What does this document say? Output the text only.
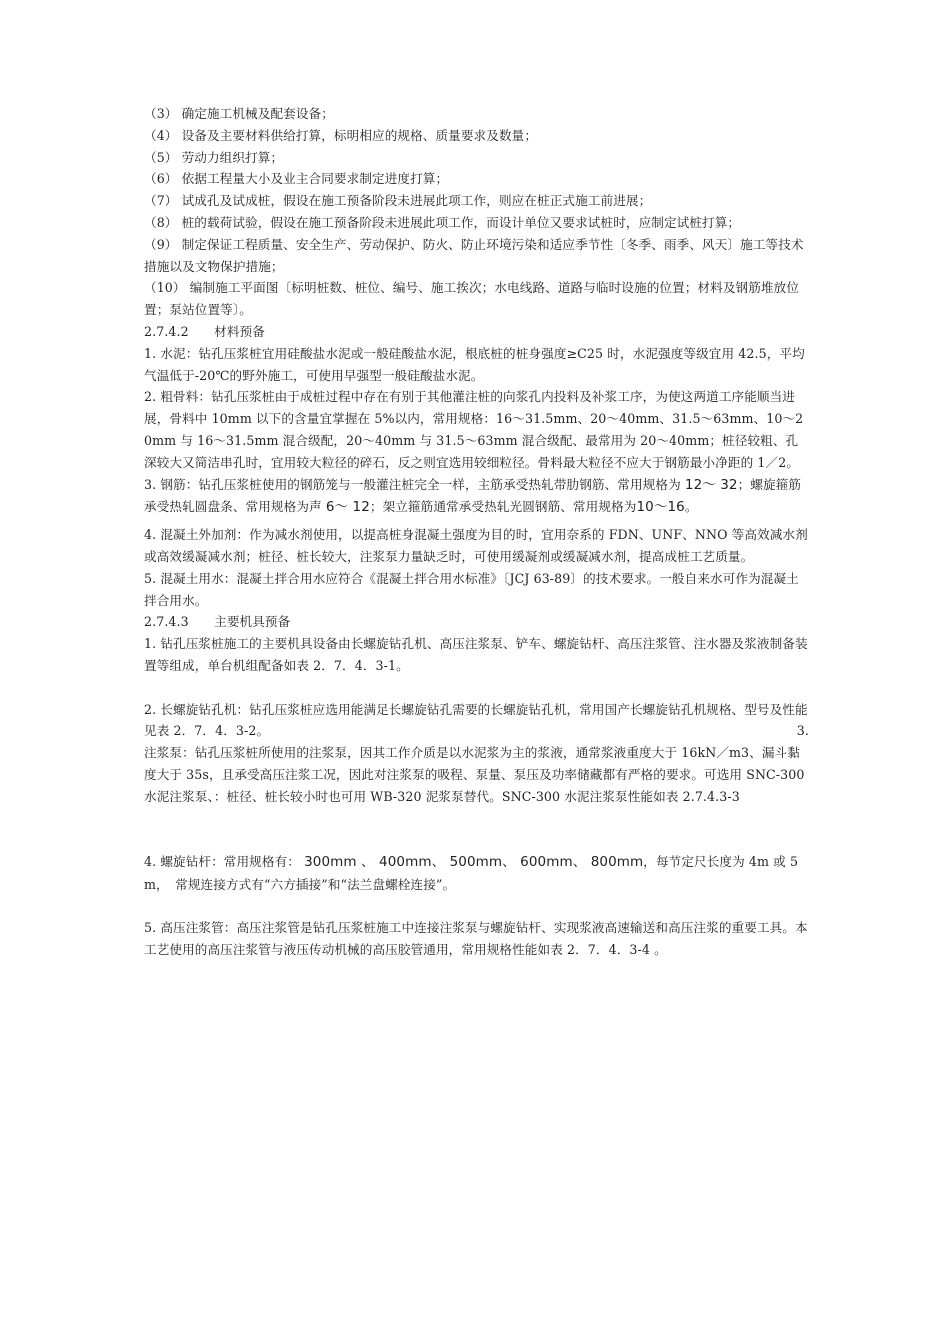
（3） 确定施工机械及配套设备；

（4） 设备及主要材料供给打算，标明相应的规格、质量要求及数量；

（5） 劳动力组织打算；

（6） 依据工程量大小及业主合同要求制定进度打算；

（7） 试成孔及试成桩，假设在施工预备阶段未进展此项工作，则应在桩正式施工前进展；

（8） 桩的载荷试验，假设在施工预备阶段未进展此项工作，而设计单位又要求试桩时，应制定试桩打算；

（9） 制定保证工程质量、安全生产、劳动保护、防火、防止环境污染和适应季节性〔冬季、雨季、风天〕施工等技术措施以及文物保护措施；

（10） 编制施工平面图〔标明桩数、桩位、编号、施工挨次；水电线路、道路与临时设施的位置；材料及钢筋堆放位置；泵站位置等〕。

2.7.4.2　　材料预备

1. 水泥：钻孔压浆桩宜用硅酸盐水泥或一般硅酸盐水泥，根底桩的桩身强度≥C25 时，水泥强度等级宜用 42.5，平均气温低于-20℃的野外施工，可使用早强型一般硅酸盐水泥。

2. 粗骨料：钻孔压浆桩由于成桩过程中存在有别于其他灌注桩的向浆孔内投料及补浆工序，为使这两道工序能顺当进展，骨料中 10mm 以下的含量宜掌握在 5%以内，常用规格：16～31.5mm、20～40mm、31.5～63mm、10～20mm 与 16～31.5mm 混合级配，20～40mm 与 31.5～63mm 混合级配、最常用为 20～40mm；桩径较粗、孔深较大又简洁串孔时，宜用较大粒径的碎石，反之则宜选用较细粒径。骨料最大粒径不应大于钢筋最小净距的 1／2。

3. 钢筋：钻孔压浆桩使用的钢筋笼与一般灌注桩完全一样，主筋承受热轧带肋钢筋、常用规格为 12～ 32；螺旋箍筋承受热轧圆盘条、常用规格为声 6～ 12；架立箍筋通常承受热轧光圆钢筋、常用规格为10～16。

4. 混凝土外加剂：作为减水剂使用，以提高桩身混凝土强度为目的时，宜用奈系的 FDN、UNF、NNO 等高效减水剂或高效缓凝减水剂；桩径、桩长较大，注浆泵力量缺乏时，可使用缓凝剂或缓凝减水剂，提高成桩工艺质量。

5. 混凝土用水：混凝土拌合用水应符合《混凝土拌合用水标准》〔JCJ 63-89〕的技术要求。一般自来水可作为混凝土拌合用水。

2.7.4.3　　主要机具预备

1. 钻孔压浆桩施工的主要机具设备由长螺旋钻孔机、高压注浆泵、铲车、螺旋钻杆、高压注浆管、注水器及浆液制备装置等组成，单台机组配备如表 2．7．4．3-1。

2. 长螺旋钻孔机：钻孔压浆桩应选用能满足长螺旋钻孔需要的长螺旋钻孔机，常用国产长螺旋钻孔机规格、型号及性能见表 2．7．4．3-2。	3.

注浆泵：钻孔压浆桩所使用的注浆泵，因其工作介质是以水泥浆为主的浆液，通常浆液重度大于 16kN／m3、漏斗黏度大于 35s，且承受高压注浆工况，因此对注浆泵的吸程、泵量、泵压及功率储藏都有严格的要求。可选用 SNC-300 水泥注浆泵、：桩径、桩长较小时也可用 WB-320 泥浆泵替代。SNC-300 水泥注浆泵性能如表 2.7.4.3-3

4. 螺旋钻杆：常用规格有： 300mm 、 400mm、 500mm、 600mm、 800mm，每节定尺长度为 4m 或 5m，　常规连接方式有“六方插接”和“法兰盘螺栓连接”。

5. 高压注浆管：高压注浆管是钻孔压浆桩施工中连接注浆泵与螺旋钻杆、实现浆液高速输送和高压注浆的重要工具。本工艺使用的高压注浆管与液压传动机械的高压胶管通用，常用规格性能如表 2．7．4．3-4 。
